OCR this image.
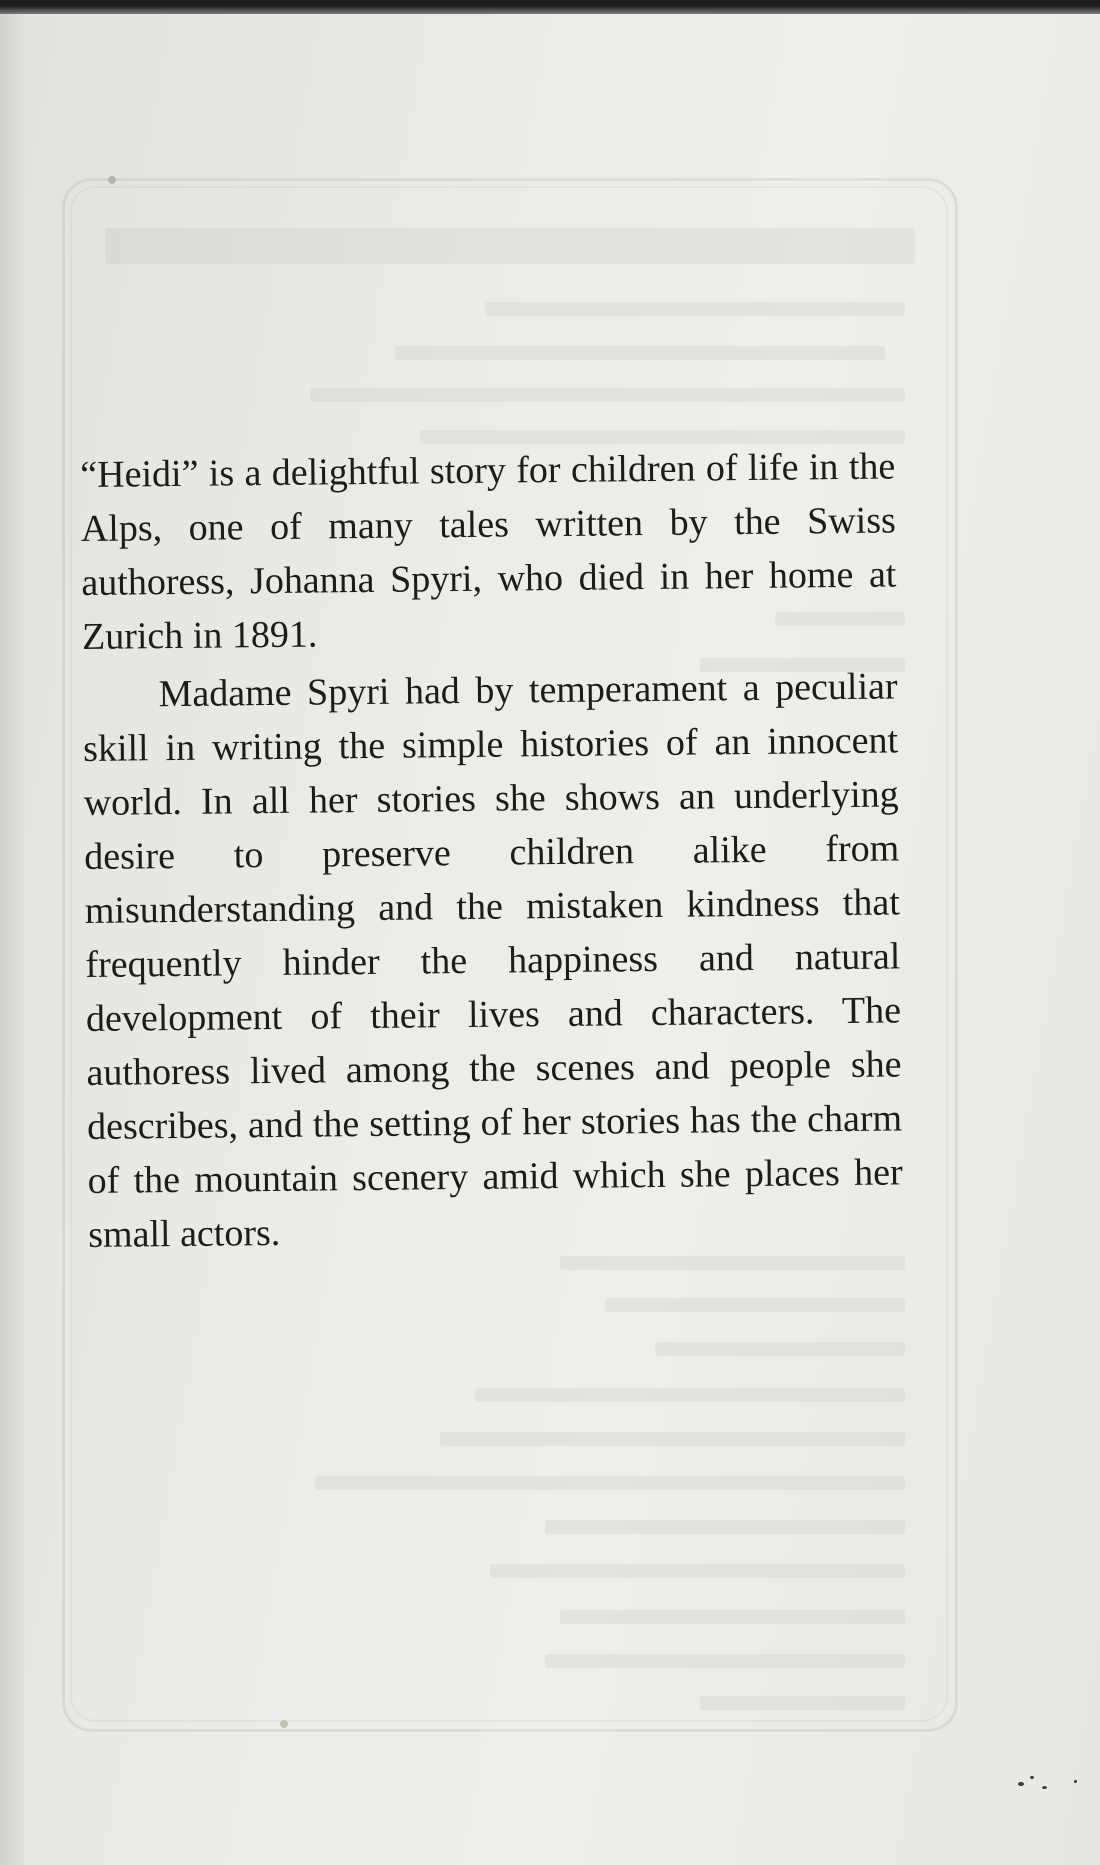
“Heidi” is a delightful story for children of life in the Alps, one of many tales written by the Swiss authoress, Johanna Spyri, who died in her home at Zurich in 1891.

Madame Spyri had by temperament a peculiar skill in writing the simple histories of an innocent world. In all her stories she shows an underlying desire to preserve children alike from misunderstanding and the mistaken kindness that frequently hinder the happiness and natural development of their lives and characters. The authoress lived among the scenes and people she describes, and the setting of her stories has the charm of the mountain scenery amid which she places her small actors.
